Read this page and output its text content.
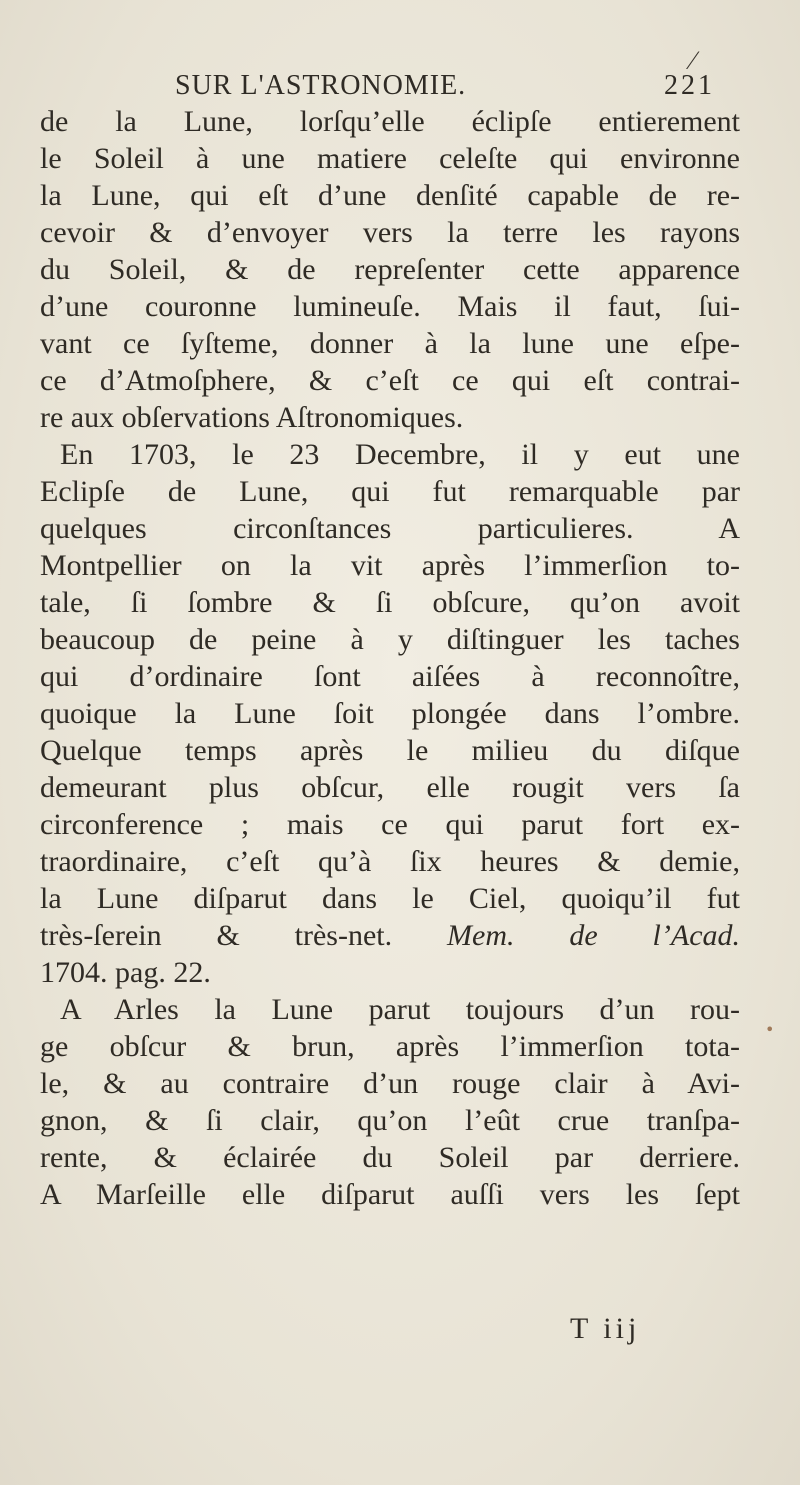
SUR L'ASTRONOMIE.
⁄
221
de la Lune, lorſqu’elle éclipſe entierement
le Soleil à une matiere celeſte qui environne
la Lune, qui eſt d’une denſité capable de re-
cevoir & d’envoyer vers la terre les rayons
du Soleil, & de repreſenter cette apparence
d’une couronne lumineuſe. Mais il faut, ſui-
vant ce ſyſteme, donner à la lune une eſpe-
ce d’Atmoſphere, & c’eſt ce qui eſt contrai-
re aux obſervations Aſtronomiques.
En 1703, le 23 Decembre, il y eut une
Eclipſe de Lune, qui fut remarquable par
quelques circonſtances particulieres. A
Montpellier on la vit après l’immerſion to-
tale, ſi ſombre & ſi obſcure, qu’on avoit
beaucoup de peine à y diſtinguer les taches
qui d’ordinaire ſont aiſées à reconnoître,
quoique la Lune ſoit plongée dans l’ombre.
Quelque temps après le milieu du diſque
demeurant plus obſcur, elle rougit vers ſa
circonference ; mais ce qui parut fort ex-
traordinaire, c’eſt qu’à ſix heures & demie,
la Lune diſparut dans le Ciel, quoiqu’il fut
très-ſerein & très-net. Mem. de l’Acad.
1704. pag. 22.
A Arles la Lune parut toujours d’un rou-
ge obſcur & brun, après l’immerſion tota-
le, & au contraire d’un rouge clair à Avi-
gnon, & ſi clair, qu’on l’eût crue tranſpa-
rente, & éclairée du Soleil par derriere.
A Marſeille elle diſparut auſſi vers les ſept
T iij
•
